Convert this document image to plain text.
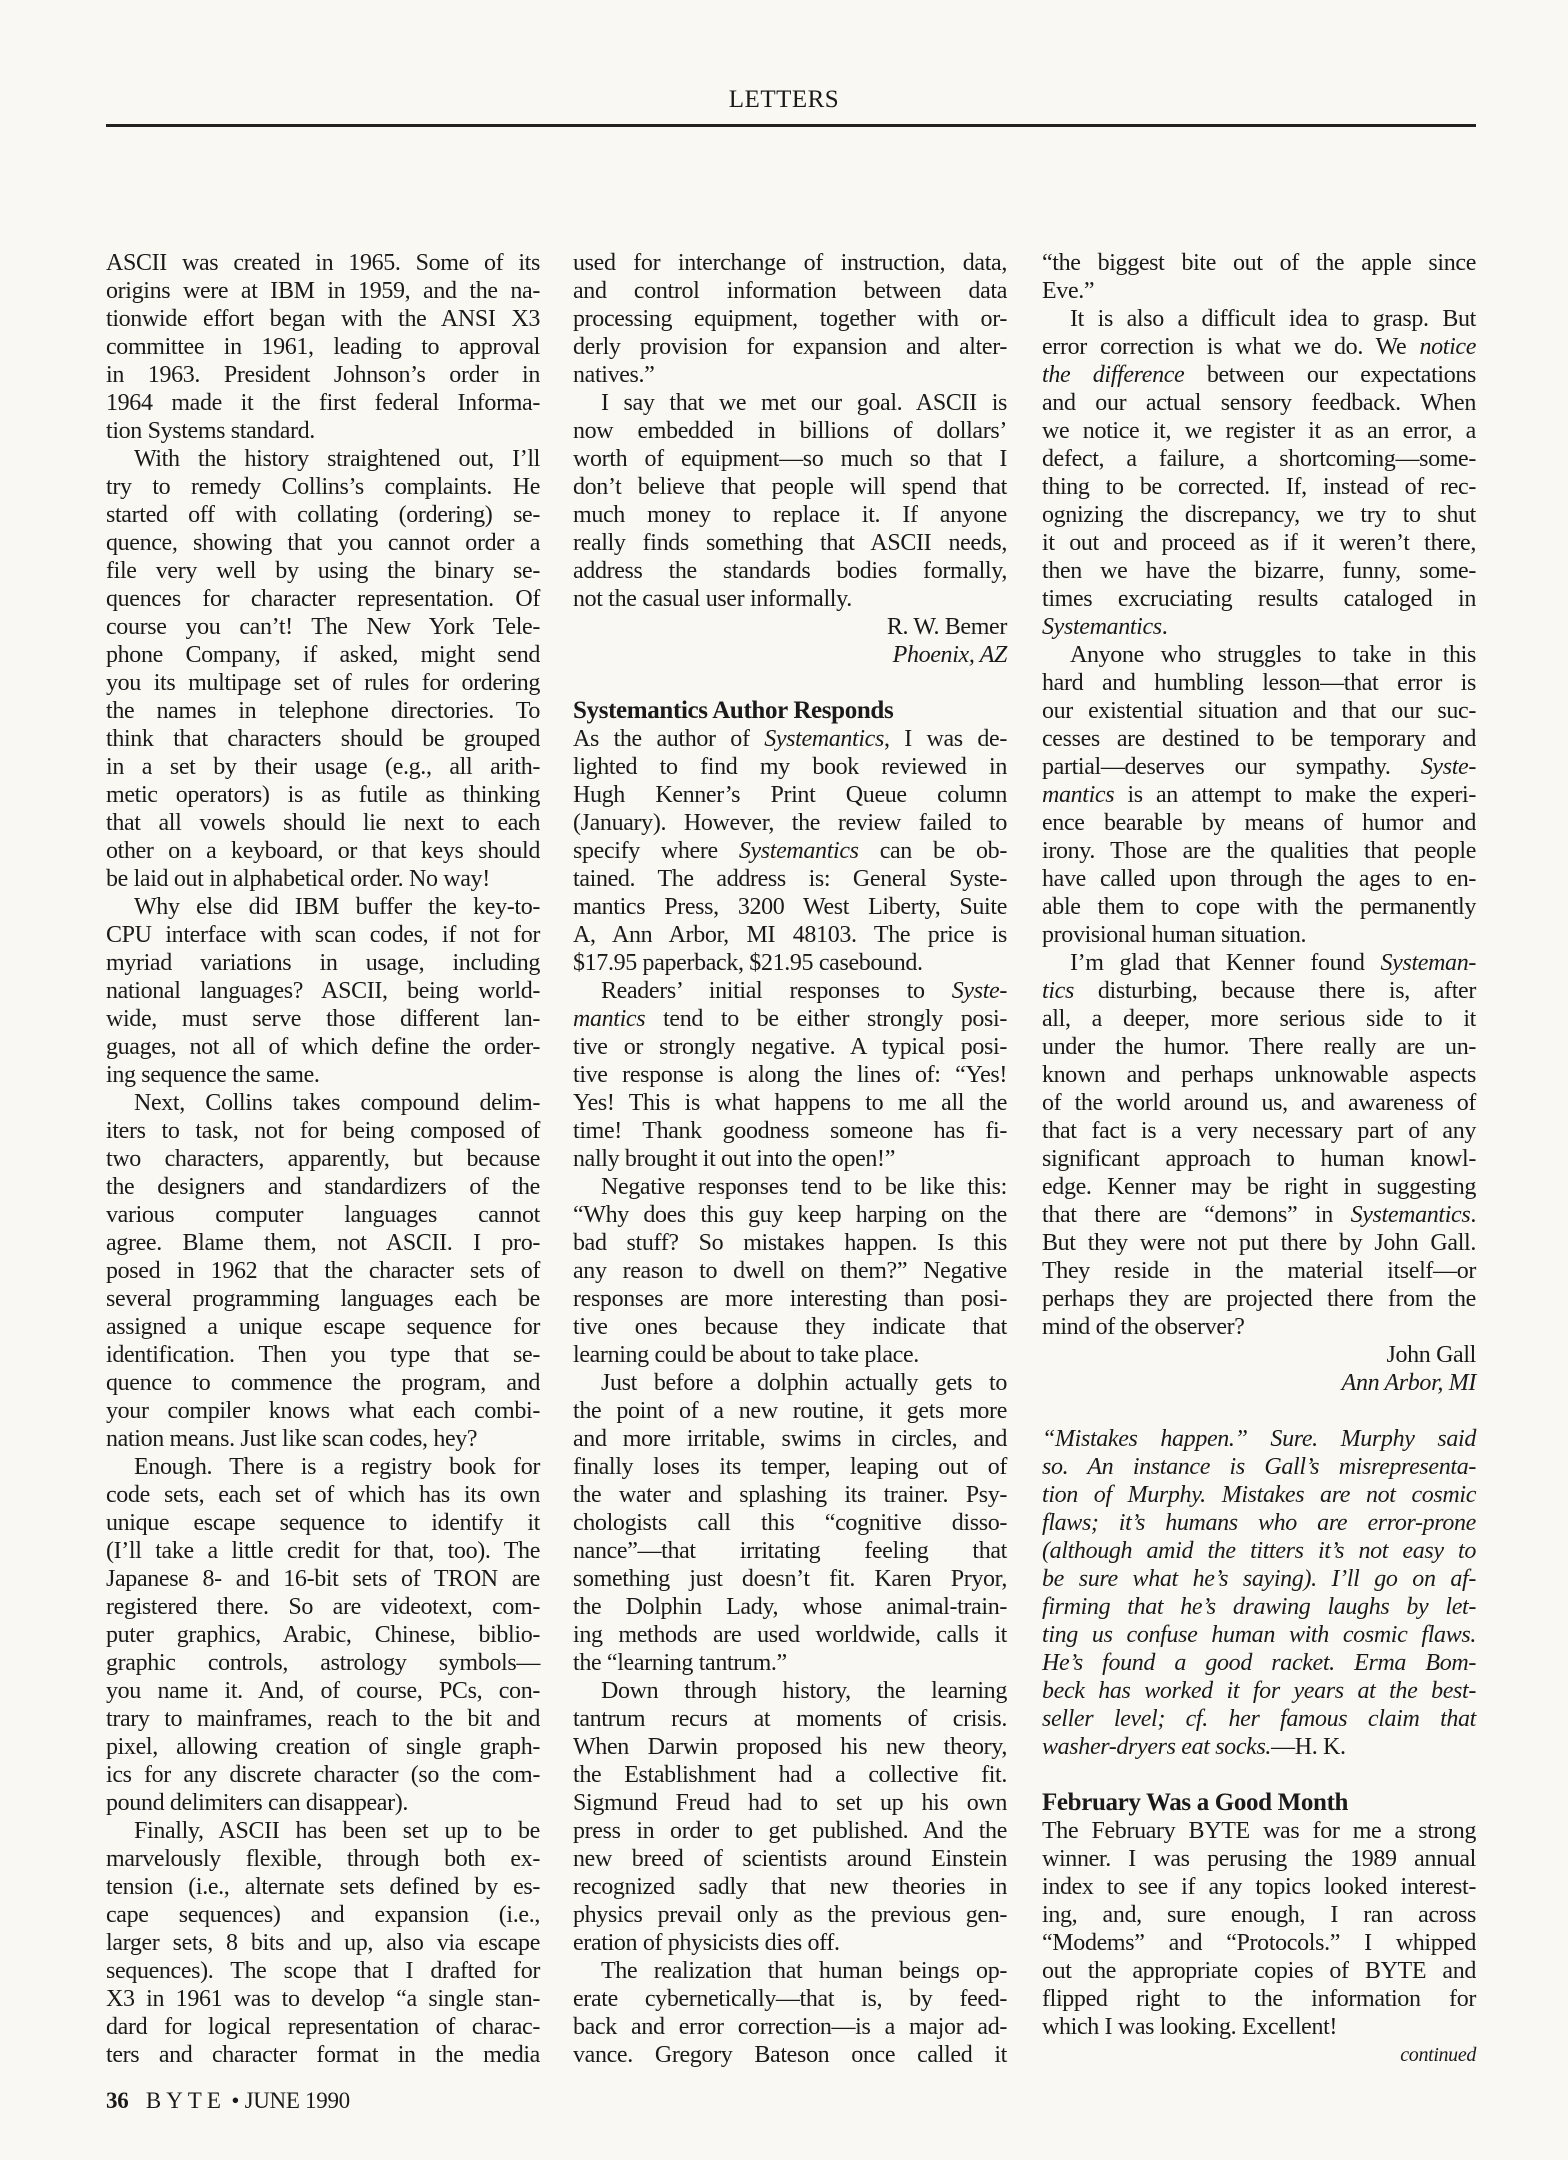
LETTERS
ASCII was created in 1965. Some of its
origins were at IBM in 1959, and the na-
tionwide effort began with the ANSI X3
committee in 1961, leading to approval
in 1963. President Johnson’s order in
1964 made it the first federal Informa-
tion Systems standard.
With the history straightened out, I’ll
try to remedy Collins’s complaints. He
started off with collating (ordering) se-
quence, showing that you cannot order a
file very well by using the binary se-
quences for character representation. Of
course you can’t! The New York Tele-
phone Company, if asked, might send
you its multipage set of rules for ordering
the names in telephone directories. To
think that characters should be grouped
in a set by their usage (e.g., all arith-
metic operators) is as futile as thinking
that all vowels should lie next to each
other on a keyboard, or that keys should
be laid out in alphabetical order. No way!
Why else did IBM buffer the key-to-
CPU interface with scan codes, if not for
myriad variations in usage, including
national languages? ASCII, being world-
wide, must serve those different lan-
guages, not all of which define the order-
ing sequence the same.
Next, Collins takes compound delim-
iters to task, not for being composed of
two characters, apparently, but because
the designers and standardizers of the
various computer languages cannot
agree. Blame them, not ASCII. I pro-
posed in 1962 that the character sets of
several programming languages each be
assigned a unique escape sequence for
identification. Then you type that se-
quence to commence the program, and
your compiler knows what each combi-
nation means. Just like scan codes, hey?
Enough. There is a registry book for
code sets, each set of which has its own
unique escape sequence to identify it
(I’ll take a little credit for that, too). The
Japanese 8- and 16-bit sets of TRON are
registered there. So are videotext, com-
puter graphics, Arabic, Chinese, biblio-
graphic controls, astrology symbols—
you name it. And, of course, PCs, con-
trary to mainframes, reach to the bit and
pixel, allowing creation of single graph-
ics for any discrete character (so the com-
pound delimiters can disappear).
Finally, ASCII has been set up to be
marvelously flexible, through both ex-
tension (i.e., alternate sets defined by es-
cape sequences) and expansion (i.e.,
larger sets, 8 bits and up, also via escape
sequences). The scope that I drafted for
X3 in 1961 was to develop “a single stan-
dard for logical representation of charac-
ters and character format in the media
used for interchange of instruction, data,
and control information between data
processing equipment, together with or-
derly provision for expansion and alter-
natives.”
I say that we met our goal. ASCII is
now embedded in billions of dollars’
worth of equipment—so much so that I
don’t believe that people will spend that
much money to replace it. If anyone
really finds something that ASCII needs,
address the standards bodies formally,
not the casual user informally.
R. W. Bemer
Phoenix, AZ
Systemantics Author Responds
As the author of Systemantics, I was de-
lighted to find my book reviewed in
Hugh Kenner’s Print Queue column
(January). However, the review failed to
specify where Systemantics can be ob-
tained. The address is: General Syste-
mantics Press, 3200 West Liberty, Suite
A, Ann Arbor, MI 48103. The price is
$17.95 paperback, $21.95 casebound.
Readers’ initial responses to Syste-
mantics tend to be either strongly posi-
tive or strongly negative. A typical posi-
tive response is along the lines of: “Yes!
Yes! This is what happens to me all the
time! Thank goodness someone has fi-
nally brought it out into the open!”
Negative responses tend to be like this:
“Why does this guy keep harping on the
bad stuff? So mistakes happen. Is this
any reason to dwell on them?” Negative
responses are more interesting than posi-
tive ones because they indicate that
learning could be about to take place.
Just before a dolphin actually gets to
the point of a new routine, it gets more
and more irritable, swims in circles, and
finally loses its temper, leaping out of
the water and splashing its trainer. Psy-
chologists call this “cognitive disso-
nance”—that irritating feeling that
something just doesn’t fit. Karen Pryor,
the Dolphin Lady, whose animal-train-
ing methods are used worldwide, calls it
the “learning tantrum.”
Down through history, the learning
tantrum recurs at moments of crisis.
When Darwin proposed his new theory,
the Establishment had a collective fit.
Sigmund Freud had to set up his own
press in order to get published. And the
new breed of scientists around Einstein
recognized sadly that new theories in
physics prevail only as the previous gen-
eration of physicists dies off.
The realization that human beings op-
erate cybernetically—that is, by feed-
back and error correction—is a major ad-
vance. Gregory Bateson once called it
“the biggest bite out of the apple since
Eve.”
It is also a difficult idea to grasp. But
error correction is what we do. We notice
the difference between our expectations
and our actual sensory feedback. When
we notice it, we register it as an error, a
defect, a failure, a shortcoming—some-
thing to be corrected. If, instead of rec-
ognizing the discrepancy, we try to shut
it out and proceed as if it weren’t there,
then we have the bizarre, funny, some-
times excruciating results cataloged in
Systemantics.
Anyone who struggles to take in this
hard and humbling lesson—that error is
our existential situation and that our suc-
cesses are destined to be temporary and
partial—deserves our sympathy. Syste-
mantics is an attempt to make the experi-
ence bearable by means of humor and
irony. Those are the qualities that people
have called upon through the ages to en-
able them to cope with the permanently
provisional human situation.
I’m glad that Kenner found Systeman-
tics disturbing, because there is, after
all, a deeper, more serious side to it
under the humor. There really are un-
known and perhaps unknowable aspects
of the world around us, and awareness of
that fact is a very necessary part of any
significant approach to human knowl-
edge. Kenner may be right in suggesting
that there are “demons” in Systemantics.
But they were not put there by John Gall.
They reside in the material itself—or
perhaps they are projected there from the
mind of the observer?
John Gall
Ann Arbor, MI
“Mistakes happen.” Sure. Murphy said
so. An instance is Gall’s misrepresenta-
tion of Murphy. Mistakes are not cosmic
flaws; it’s humans who are error-prone
(although amid the titters it’s not easy to
be sure what he’s saying). I’ll go on af-
firming that he’s drawing laughs by let-
ting us confuse human with cosmic flaws.
He’s found a good racket. Erma Bom-
beck has worked it for years at the best-
seller level; cf. her famous claim that
washer-dryers eat socks.—H. K.
February Was a Good Month
The February BYTE was for me a strong
winner. I was perusing the 1989 annual
index to see if any topics looked interest-
ing, and, sure enough, I ran across
“Modems” and “Protocols.” I whipped
out the appropriate copies of BYTE and
flipped right to the information for
which I was looking. Excellent!
continued
36 BYTE • JUNE 1990
